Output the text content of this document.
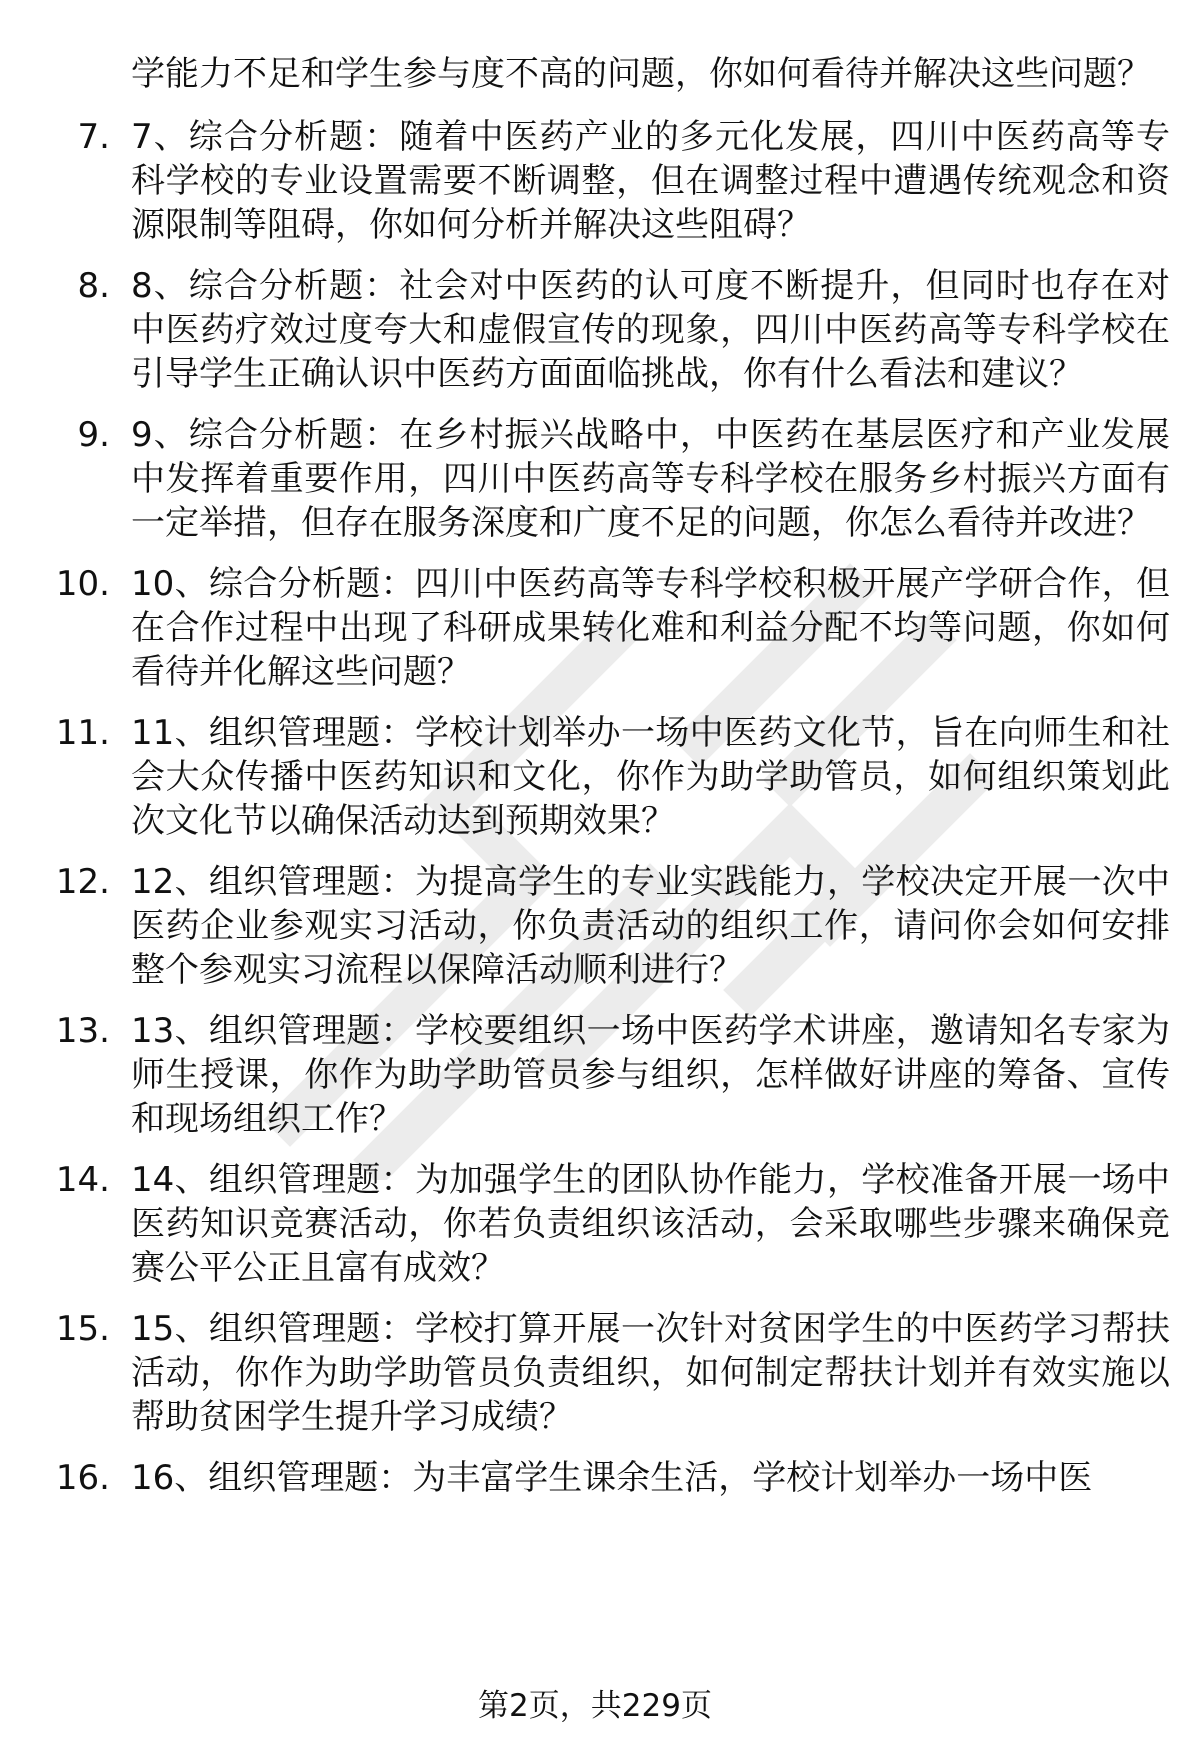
学能力不足和学生参与度不高的问题，你如何看待并解决这些问题？
7. 7、综合分析题：随着中医药产业的多元化发展，四川中医药高等专科学校的专业设置需要不断调整，但在调整过程中遭遇传统观念和资源限制等阻碍，你如何分析并解决这些阻碍？
8. 8、综合分析题：社会对中医药的认可度不断提升，但同时也存在对中医药疗效过度夸大和虚假宣传的现象，四川中医药高等专科学校在引导学生正确认识中医药方面面临挑战，你有什么看法和建议？
9. 9、综合分析题：在乡村振兴战略中，中医药在基层医疗和产业发展中发挥着重要作用，四川中医药高等专科学校在服务乡村振兴方面有一定举措，但存在服务深度和广度不足的问题，你怎么看待并改进？
10. 10、综合分析题：四川中医药高等专科学校积极开展产学研合作，但在合作过程中出现了科研成果转化难和利益分配不均等问题，你如何看待并化解这些问题？
11. 11、组织管理题：学校计划举办一场中医药文化节，旨在向师生和社会大众传播中医药知识和文化，你作为助学助管员，如何组织策划此次文化节以确保活动达到预期效果？
12. 12、组织管理题：为提高学生的专业实践能力，学校决定开展一次中医药企业参观实习活动，你负责活动的组织工作，请问你会如何安排整个参观实习流程以保障活动顺利进行？
13. 13、组织管理题：学校要组织一场中医药学术讲座，邀请知名专家为师生授课，你作为助学助管员参与组织，怎样做好讲座的筹备、宣传和现场组织工作？
14. 14、组织管理题：为加强学生的团队协作能力，学校准备开展一场中医药知识竞赛活动，你若负责组织该活动，会采取哪些步骤来确保竞赛公平公正且富有成效？
15. 15、组织管理题：学校打算开展一次针对贫困学生的中医药学习帮扶活动，你作为助学助管员负责组织，如何制定帮扶计划并有效实施以帮助贫困学生提升学习成绩？
16. 16、组织管理题：为丰富学生课余生活，学校计划举办一场中医
第2页，共229页
